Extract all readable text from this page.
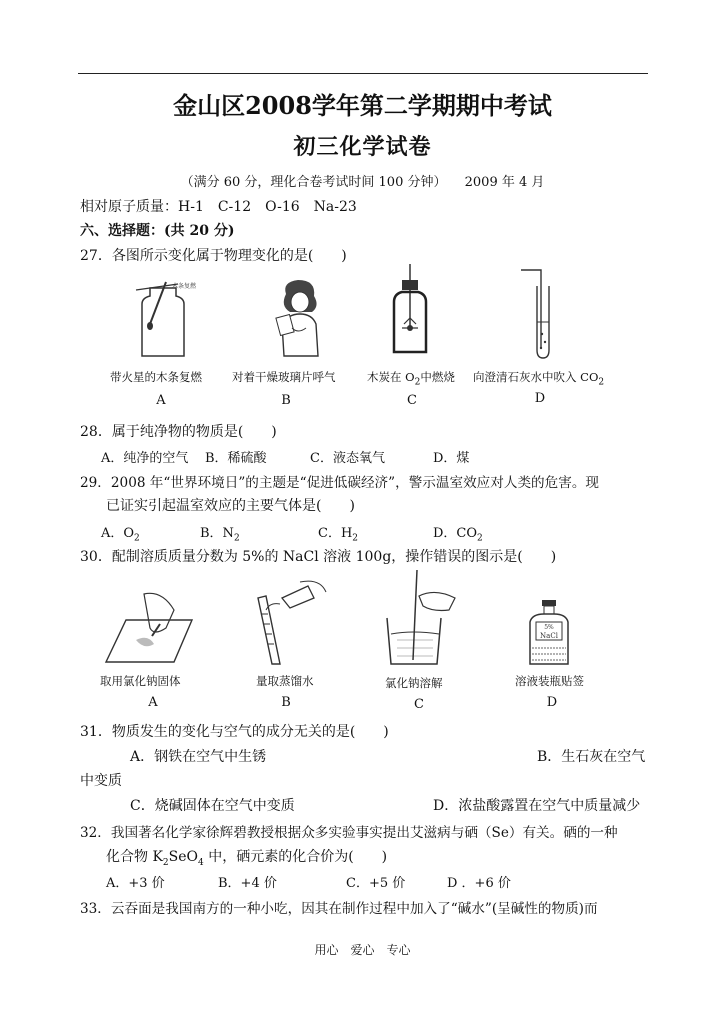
金山区2008学年第二学期期中考试
初三化学试卷
（满分 60 分，理化合卷考试时间 100 分钟） 2009 年 4 月
相对原子质量：H-1　C-12　O-16　Na-23
六、选择题：(共 20 分)
27．各图所示变化属于物理变化的是(　　)
木条复燃
带火星的木条复燃	对着干燥玻璃片呼气	木炭在 $O_2$中燃烧 向澄清石灰水中吹入 $CO_2$
A	B	C	D
28．属于纯净物的物质是(　　)
A．纯净的空气 B．稀硫酸	C．液态氧气	D．煤
29．2008 年“世界环境日”的主题是“促进低碳经济”，警示温室效应对人类的危害。现
已证实引起温室效应的主要气体是(　　)
A．$O_2$	B．$N_2$	C．$H_2$	D．$CO_2$
30．配制溶质质量分数为 5%的 NaCl 溶液 100g，操作错误的图示是(　　)
5%
NaCl
取用氯化钠固体	量取蒸馏水	氯化钠溶解	溶液装瓶贴签
A	B	C	D
31．物质发生的变化与空气的成分无关的是(　　)
A．钢铁在空气中生锈	B．生石灰在空气
中变质
C．烧碱固体在空气中变质	D．浓盐酸露置在空气中质量减少
32．我国著名化学家徐辉碧教授根据众多实验事实提出艾滋病与硒（Se）有关。硒的一种
化合物 $K_2SeO_4$ 中，硒元素的化合价为(　　)
A．+3 价	B．+4 价	C．+5 价	D ．+6 价
33．云吞面是我国南方的一种小吃，因其在制作过程中加入了“碱水”(呈碱性的物质)而
用心　爱心　专心
